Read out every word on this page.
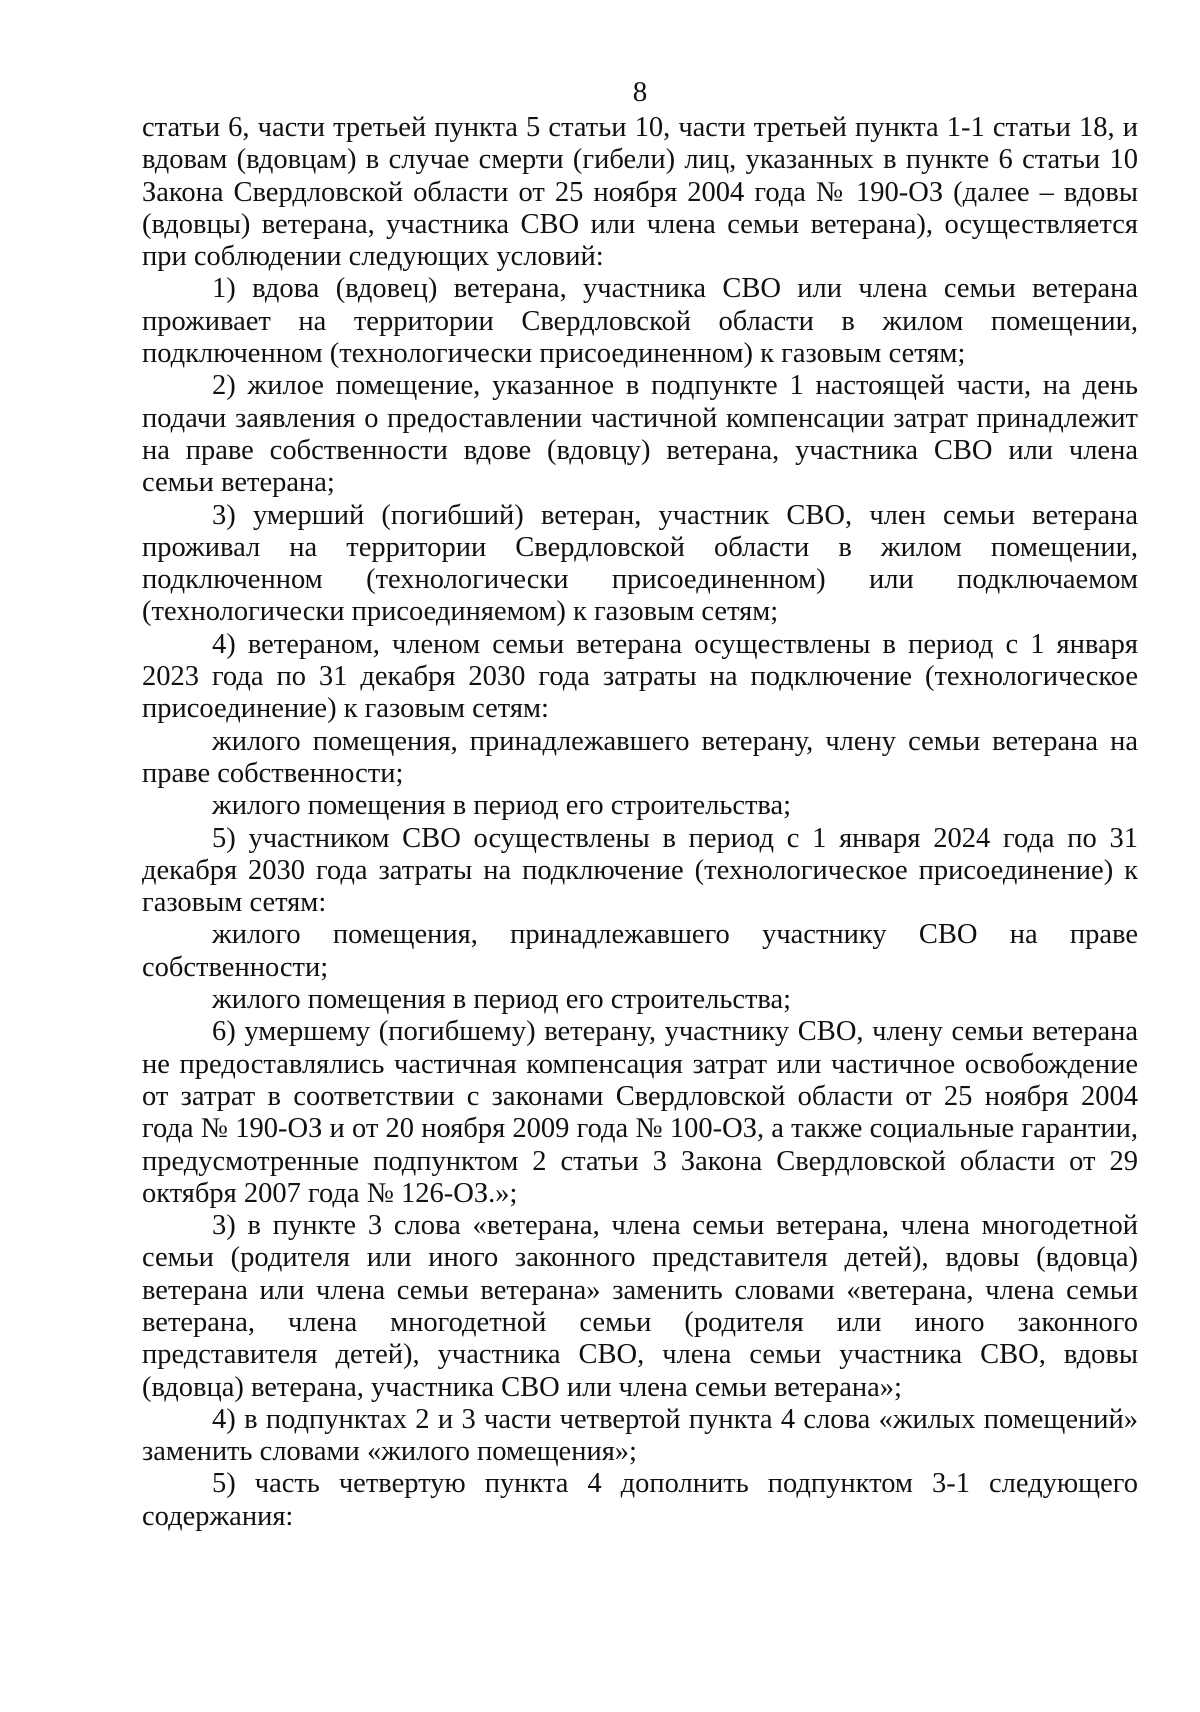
8

статьи 6, части третьей пункта 5 статьи 10, части третьей пункта 1-1 статьи 18, и вдовам (вдовцам) в случае смерти (гибели) лиц, указанных в пункте 6 статьи 10 Закона Свердловской области от 25 ноября 2004 года № 190-ОЗ (далее – вдовы (вдовцы) ветерана, участника СВО или члена семьи ветерана), осуществляется при соблюдении следующих условий:

1) вдова (вдовец) ветерана, участника СВО или члена семьи ветерана проживает на территории Свердловской области в жилом помещении, подключенном (технологически присоединенном) к газовым сетям;

2) жилое помещение, указанное в подпункте 1 настоящей части, на день подачи заявления о предоставлении частичной компенсации затрат принадлежит на праве собственности вдове (вдовцу) ветерана, участника СВО или члена семьи ветерана;

3) умерший (погибший) ветеран, участник СВО, член семьи ветерана проживал на территории Свердловской области в жилом помещении, подключенном (технологически присоединенном) или подключаемом (технологически присоединяемом) к газовым сетям;

4) ветераном, членом семьи ветерана осуществлены в период с 1 января 2023 года по 31 декабря 2030 года затраты на подключение (технологическое присоединение) к газовым сетям:

жилого помещения, принадлежавшего ветерану, члену семьи ветерана на праве собственности;

жилого помещения в период его строительства;

5) участником СВО осуществлены в период с 1 января 2024 года по 31 декабря 2030 года затраты на подключение (технологическое присоединение) к газовым сетям:

жилого помещения, принадлежавшего участнику СВО на праве собственности;

жилого помещения в период его строительства;

6) умершему (погибшему) ветерану, участнику СВО, члену семьи ветерана не предоставлялись частичная компенсация затрат или частичное освобождение от затрат в соответствии с законами Свердловской области от 25 ноября 2004 года № 190-ОЗ и от 20 ноября 2009 года № 100-ОЗ, а также социальные гарантии, предусмотренные подпунктом 2 статьи 3 Закона Свердловской области от 29 октября 2007 года № 126-ОЗ.»;

3) в пункте 3 слова «ветерана, члена семьи ветерана, члена многодетной семьи (родителя или иного законного представителя детей), вдовы (вдовца) ветерана или члена семьи ветерана» заменить словами «ветерана, члена семьи ветерана, члена многодетной семьи (родителя или иного законного представителя детей), участника СВО, члена семьи участника СВО, вдовы (вдовца) ветерана, участника СВО или члена семьи ветерана»;

4) в подпунктах 2 и 3 части четвертой пункта 4 слова «жилых помещений» заменить словами «жилого помещения»;

5) часть четвертую пункта 4 дополнить подпунктом 3-1 следующего содержания:
